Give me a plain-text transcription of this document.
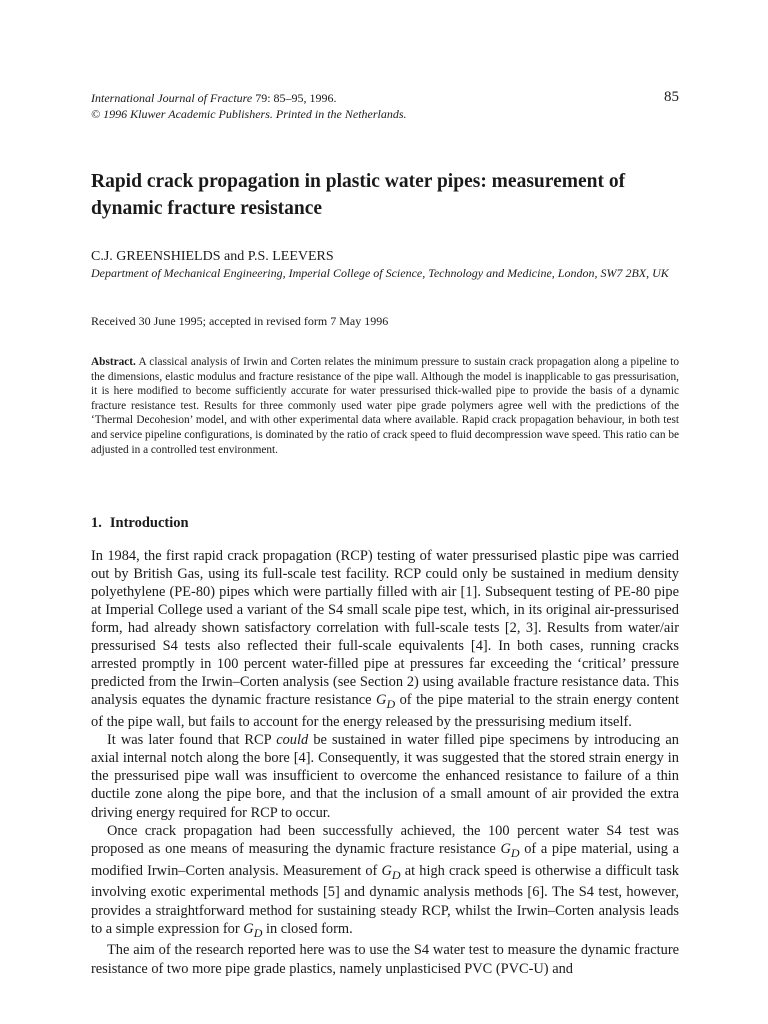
International Journal of Fracture 79: 85–95, 1996.
© 1996 Kluwer Academic Publishers. Printed in the Netherlands.
85
Rapid crack propagation in plastic water pipes: measurement of dynamic fracture resistance
C.J. GREENSHIELDS and P.S. LEEVERS
Department of Mechanical Engineering, Imperial College of Science, Technology and Medicine, London, SW7 2BX, UK
Received 30 June 1995; accepted in revised form 7 May 1996

Abstract. A classical analysis of Irwin and Corten relates the minimum pressure to sustain crack propagation along a pipeline to the dimensions, elastic modulus and fracture resistance of the pipe wall. Although the model is inapplicable to gas pressurisation, it is here modified to become sufficiently accurate for water pressurised thick-walled pipe to provide the basis of a dynamic fracture resistance test. Results for three commonly used water pipe grade polymers agree well with the predictions of the ‘Thermal Decohesion’ model, and with other experimental data where available. Rapid crack propagation behaviour, in both test and service pipeline configurations, is dominated by the ratio of crack speed to fluid decompression wave speed. This ratio can be adjusted in a controlled test environment.

1. Introduction

In 1984, the first rapid crack propagation (RCP) testing of water pressurised plastic pipe was carried out by British Gas, using its full-scale test facility. RCP could only be sustained in medium density polyethylene (PE-80) pipes which were partially filled with air [1]. Subsequent testing of PE-80 pipe at Imperial College used a variant of the S4 small scale pipe test, which, in its original air-pressurised form, had already shown satisfactory correlation with full-scale tests [2, 3]. Results from water/air pressurised S4 tests also reflected their full-scale equivalents [4]. In both cases, running cracks arrested promptly in 100 percent water-filled pipe at pressures far exceeding the ‘critical’ pressure predicted from the Irwin–Corten analysis (see Section 2) using available fracture resistance data. This analysis equates the dynamic fracture resistance $G_D$ of the pipe material to the strain energy content of the pipe wall, but fails to account for the energy released by the pressurising medium itself.

It was later found that RCP could be sustained in water filled pipe specimens by introducing an axial internal notch along the bore [4]. Consequently, it was suggested that the stored strain energy in the pressurised pipe wall was insufficient to overcome the enhanced resistance to failure of a thin ductile zone along the pipe bore, and that the inclusion of a small amount of air provided the extra driving energy required for RCP to occur.

Once crack propagation had been successfully achieved, the 100 percent water S4 test was proposed as one means of measuring the dynamic fracture resistance $G_D$ of a pipe material, using a modified Irwin–Corten analysis. Measurement of $G_D$ at high crack speed is otherwise a difficult task involving exotic experimental methods [5] and dynamic analysis methods [6]. The S4 test, however, provides a straightforward method for sustaining steady RCP, whilst the Irwin–Corten analysis leads to a simple expression for $G_D$ in closed form.

The aim of the research reported here was to use the S4 water test to measure the dynamic fracture resistance of two more pipe grade plastics, namely unplasticised PVC (PVC-U) and
